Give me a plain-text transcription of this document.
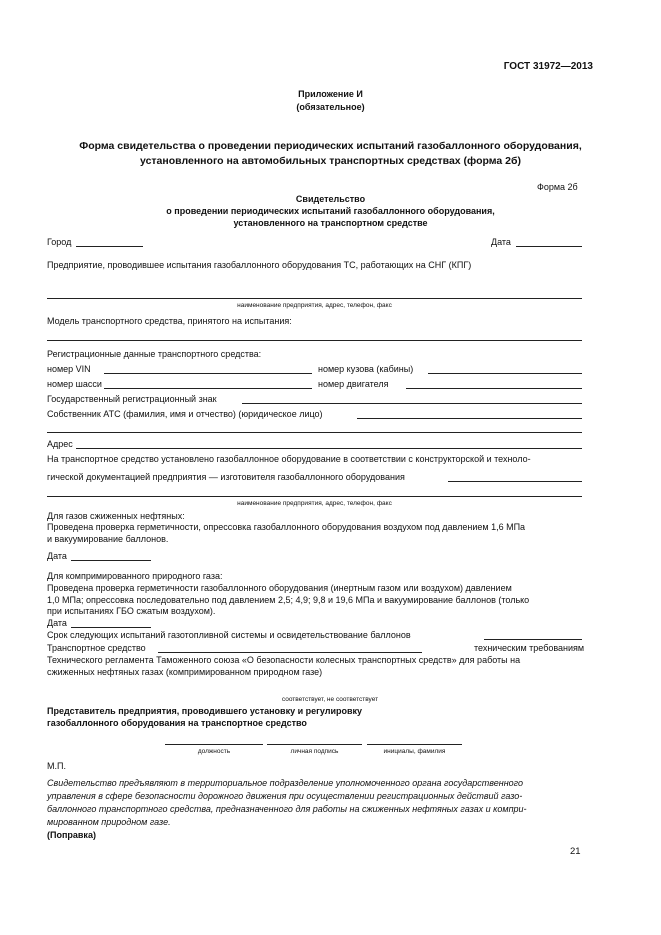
ГОСТ 31972—2013
Приложение И
(обязательное)
Форма свидетельства о проведении периодических испытаний газобаллонного оборудования,
установленного на автомобильных транспортных средствах (форма 2б)
Форма 2б
Свидетельство
о проведении периодических испытаний газобаллонного оборудования,
установленного на транспортном средстве
Город	Дата
Предприятие, проводившее испытания газобаллонного оборудования ТС, работающих на СНГ (КПГ)
наименование предприятия, адрес, телефон, факс
Модель транспортного средства, принятого на испытания:
Регистрационные данные транспортного средства:
номер VIN	номер кузова (кабины)
номер шасси	номер двигателя
Государственный регистрационный знак
Собственник АТС (фамилия, имя и отчество) (юридическое лицо)
Адрес
На транспортное средство установлено газобаллонное оборудование в соответствии с конструкторской и техноло-
гической документацией предприятия — изготовителя газобаллонного оборудования
наименование предприятия, адрес, телефон, факс
Для газов сжиженных нефтяных:
Проведена проверка герметичности, опрессовка газобаллонного оборудования воздухом под давлением 1,6 МПа
и вакуумирование баллонов.
Дата
Для компримированного природного газа:
Проведена проверка герметичности газобаллонного оборудования (инертным газом или воздухом) давлением
1,0 МПа; опрессовка последовательно под давлением 2,5; 4,9; 9,8 и 19,6 МПа и вакуумирование баллонов (только
при испытаниях ГБО сжатым воздухом).
Дата
Срок следующих испытаний газотопливной системы и освидетельствование баллонов
Транспортное средство	техническим требованиям
Технического регламента Таможенного союза «О безопасности колесных транспортных средств» для работы на
сжиженных нефтяных газах (компримированном природном газе)
соответствует, не соответствует
Представитель предприятия, проводившего установку и регулировку
газобаллонного оборудования на транспортное средство
должность	личная подпись	инициалы, фамилия
М.П.
Свидетельство предъявляют в территориальное подразделение уполномоченного органа государственного
управления в сфере безопасности дорожного движения при осуществлении регистрационных действий газо-
баллонного транспортного средства, предназначенного для работы на сжиженных нефтяных газах и компри-
мированном природном газе.
(Поправка)
21
